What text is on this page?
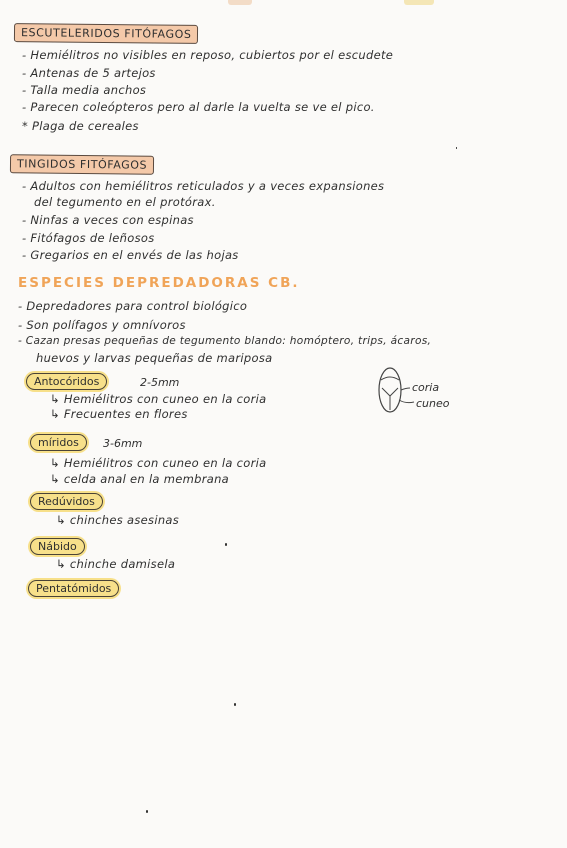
ESCUTELERIDOS FITÓFAGOS
- Hemiélitros no visibles en reposo, cubiertos por el escudete
- Antenas de 5 artejos
- Talla media anchos
- Parecen coleópteros pero al darle la vuelta se ve el pico.
* Plaga de cereales
TINGIDOS FITÓFAGOS
- Adultos con hemiélitros reticulados y a veces expansiones
del tegumento en el protórax.
- Ninfas a veces con espinas
- Fitófagos de leñosos
- Gregarios en el envés de las hojas
ESPECIES DEPREDADORAS CB.
- Depredadores para control biológico
- Son polífagos y omnívoros
- Cazan presas pequeñas de tegumento blando: homóptero, trips, ácaros,
huevos y larvas pequeñas de mariposa
coria
cuneo
Antocóridos	2-5mm
↳ Hemiélitros con cuneo en la coria
↳ Frecuentes en flores
míridos	3-6mm
↳ Hemiélitros con cuneo en la coria
↳ celda anal en la membrana
Redúvidos
↳ chinches asesinas
Nábido
↳ chinche damisela
Pentatómidos
